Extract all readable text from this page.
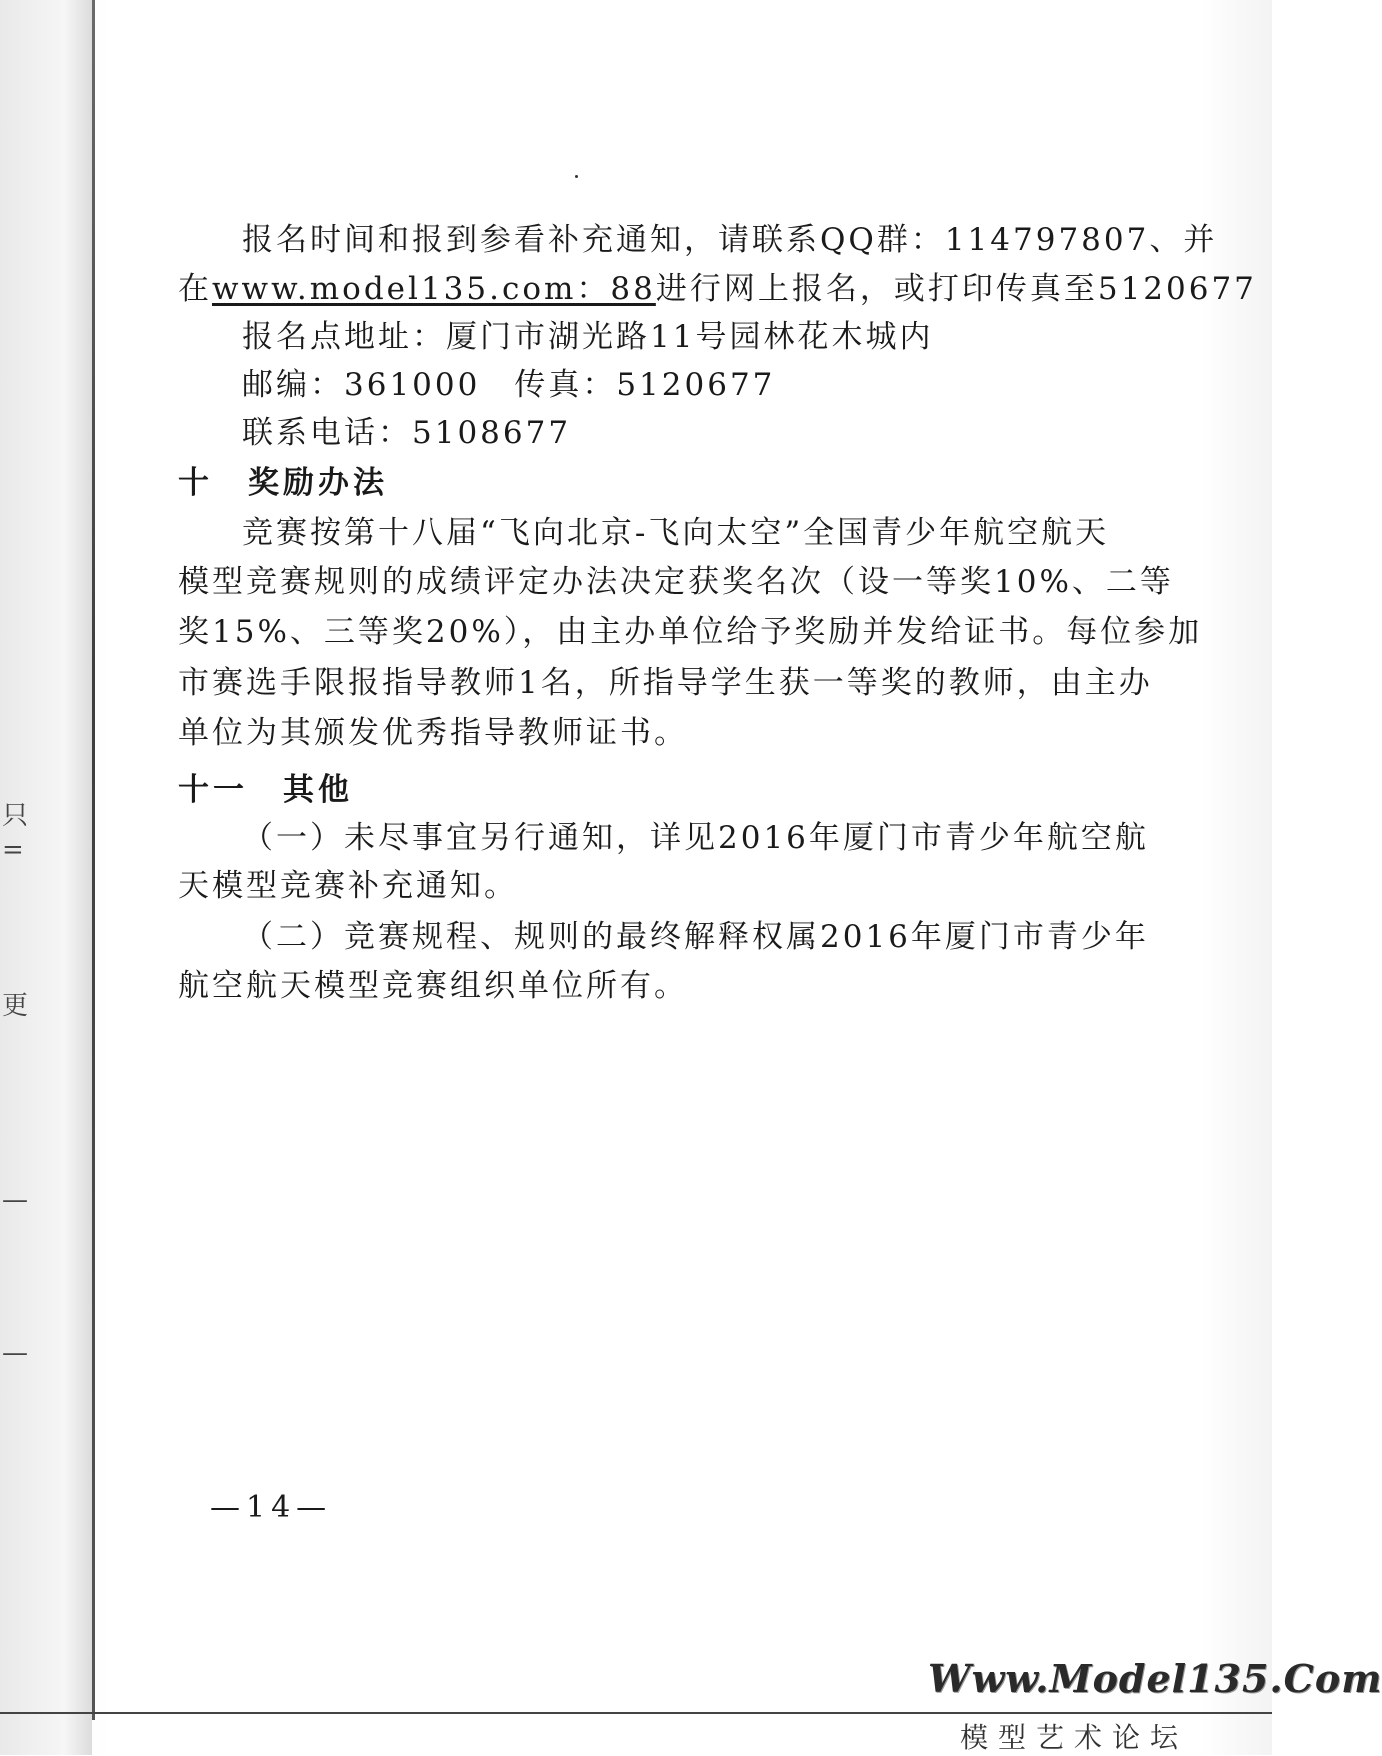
只
=
更
—
—
报名时间和报到参看补充通知，请联系QQ群：114797807、并
在www.model135.com：88进行网上报名，或打印传真至5120677
报名点地址：厦门市湖光路11号园林花木城内
邮编：361000　传真：5120677
联系电话：5108677
十　奖励办法
竞赛按第十八届“飞向北京-飞向太空”全国青少年航空航天
模型竞赛规则的成绩评定办法决定获奖名次（设一等奖10%、二等
奖15%、三等奖20%），由主办单位给予奖励并发给证书。每位参加
市赛选手限报指导教师1名，所指导学生获一等奖的教师，由主办
单位为其颁发优秀指导教师证书。
十一　其他
（一）未尽事宜另行通知，详见2016年厦门市青少年航空航
天模型竞赛补充通知。
（二）竞赛规程、规则的最终解释权属2016年厦门市青少年
航空航天模型竞赛组织单位所有。
—14—
Www.Model135.Com
模型艺术论坛
